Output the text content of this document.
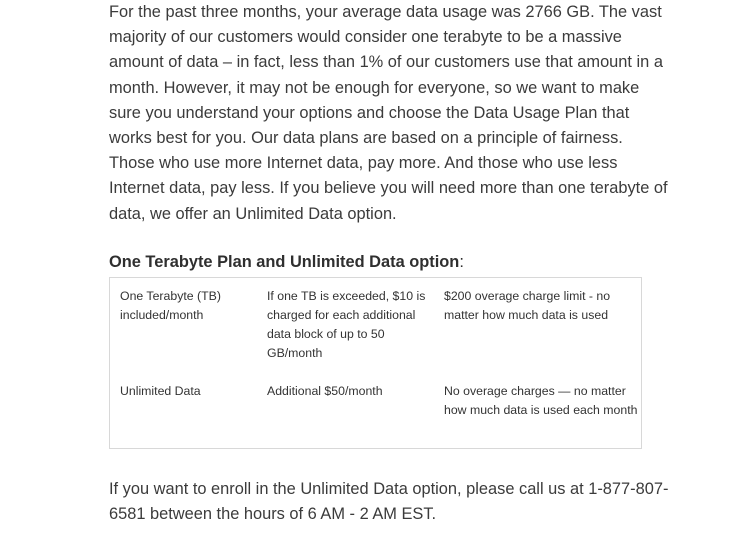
For the past three months, your average data usage was 2766 GB. The vast majority of our customers would consider one terabyte to be a massive amount of data – in fact, less than 1% of our customers use that amount in a month. However, it may not be enough for everyone, so we want to make sure you understand your options and choose the Data Usage Plan that works best for you. Our data plans are based on a principle of fairness. Those who use more Internet data, pay more. And those who use less Internet data, pay less. If you believe you will need more than one terabyte of data, we offer an Unlimited Data option.

One Terabyte Plan and Unlimited Data option:
One Terabyte (TB) included/month
If one TB is exceeded, $10 is charged for each additional data block of up to 50 GB/month
$200 overage charge limit - no matter how much data is used
Unlimited Data	Additional $50/month	No overage charges — no matter how much data is used each month

If you want to enroll in the Unlimited Data option, please call us at 1-877-807-6581 between the hours of 6 AM - 2 AM EST.
